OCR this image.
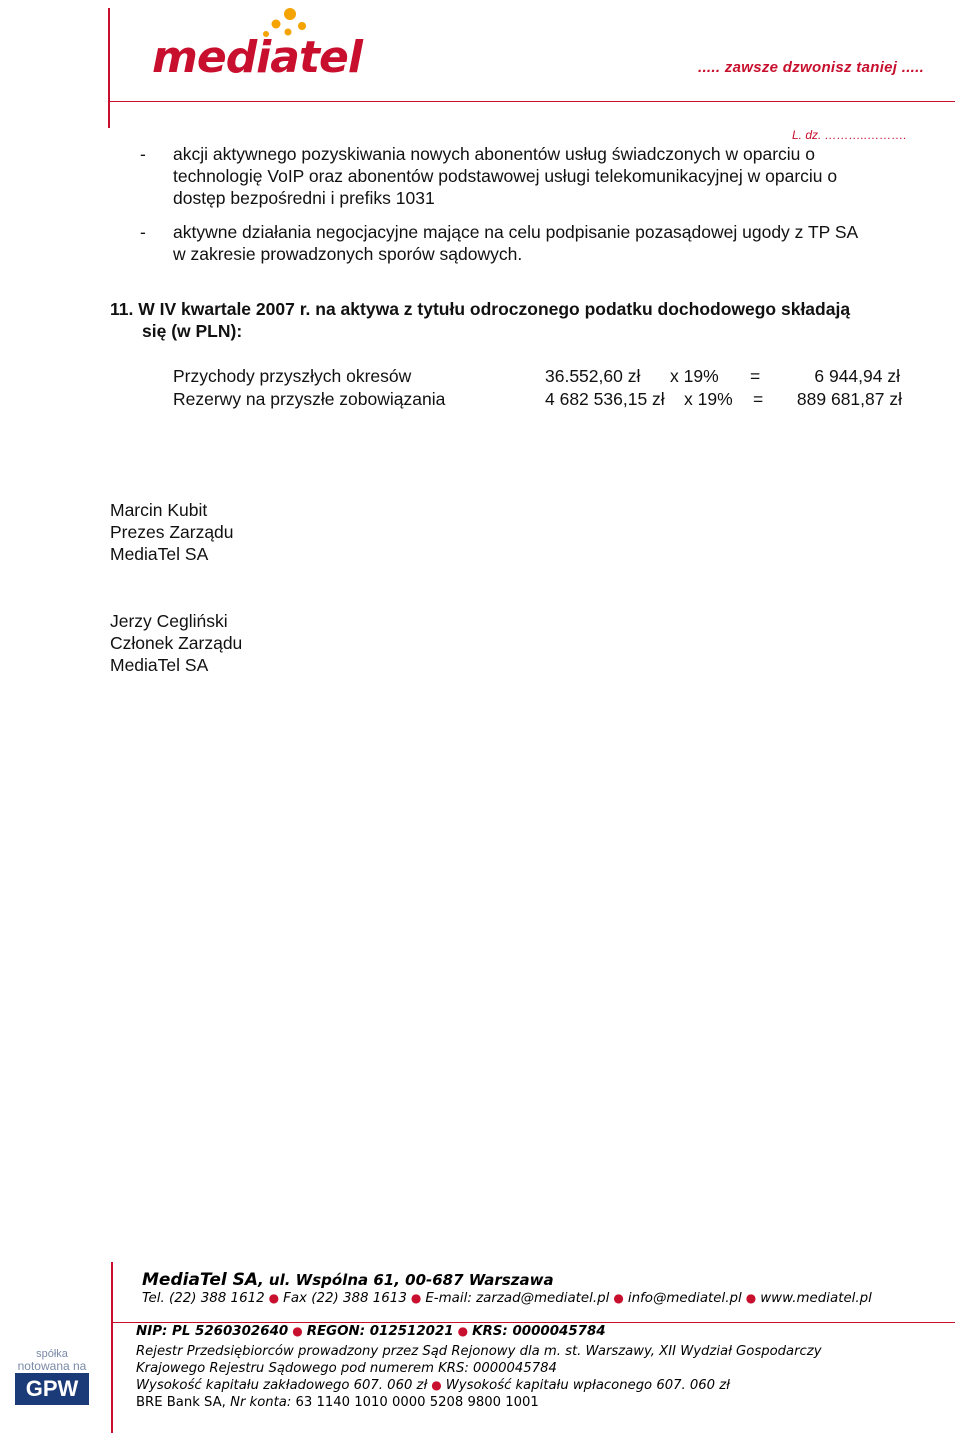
mediatel	..... zawsze dzwonisz taniej .....
L. dz. ………..……….
- akcji aktywnego pozyskiwania nowych abonentów usług świadczonych w oparciu o
technologię VoIP oraz abonentów podstawowej usługi telekomunikacyjnej w oparciu o
dostęp bezpośredni i prefiks 1031
- aktywne działania negocjacyjne mające na celu podpisanie pozasądowej ugody z TP SA
w zakresie prowadzonych sporów sądowych.
11. W IV kwartale 2007 r. na aktywa z tytułu odroczonego podatku dochodowego składają
się (w PLN):
Przychody przyszłych okresów	36.552,60 zł x 19% =	6 944,94 zł
Rezerwy na przyszłe zobowiązania	4 682 536,15 zł x 19% =	889 681,87 zł
Marcin Kubit
Prezes Zarządu
MediaTel SA
Jerzy Cegliński
Członek Zarządu
MediaTel SA
MediaTel SA, ul. Wspólna 61, 00-687 Warszawa
Tel. (22) 388 1612 ● Fax (22) 388 1613 ● E-mail: zarzad@mediatel.pl ● info@mediatel.pl ● www.mediatel.pl
NIP: PL 5260302640 ● REGON: 012512021 ● KRS: 0000045784
Rejestr Przedsiębiorców prowadzony przez Sąd Rejonowy dla m. st. Warszawy, XII Wydział Gospodarczy
Krajowego Rejestru Sądowego pod numerem KRS: 0000045784
Wysokość kapitału zakładowego 607. 060 zł ● Wysokość kapitału wpłaconego 607. 060 zł
BRE Bank SA, Nr konta: 63 1140 1010 0000 5208 9800 1001
spółka
notowana na
GPW
